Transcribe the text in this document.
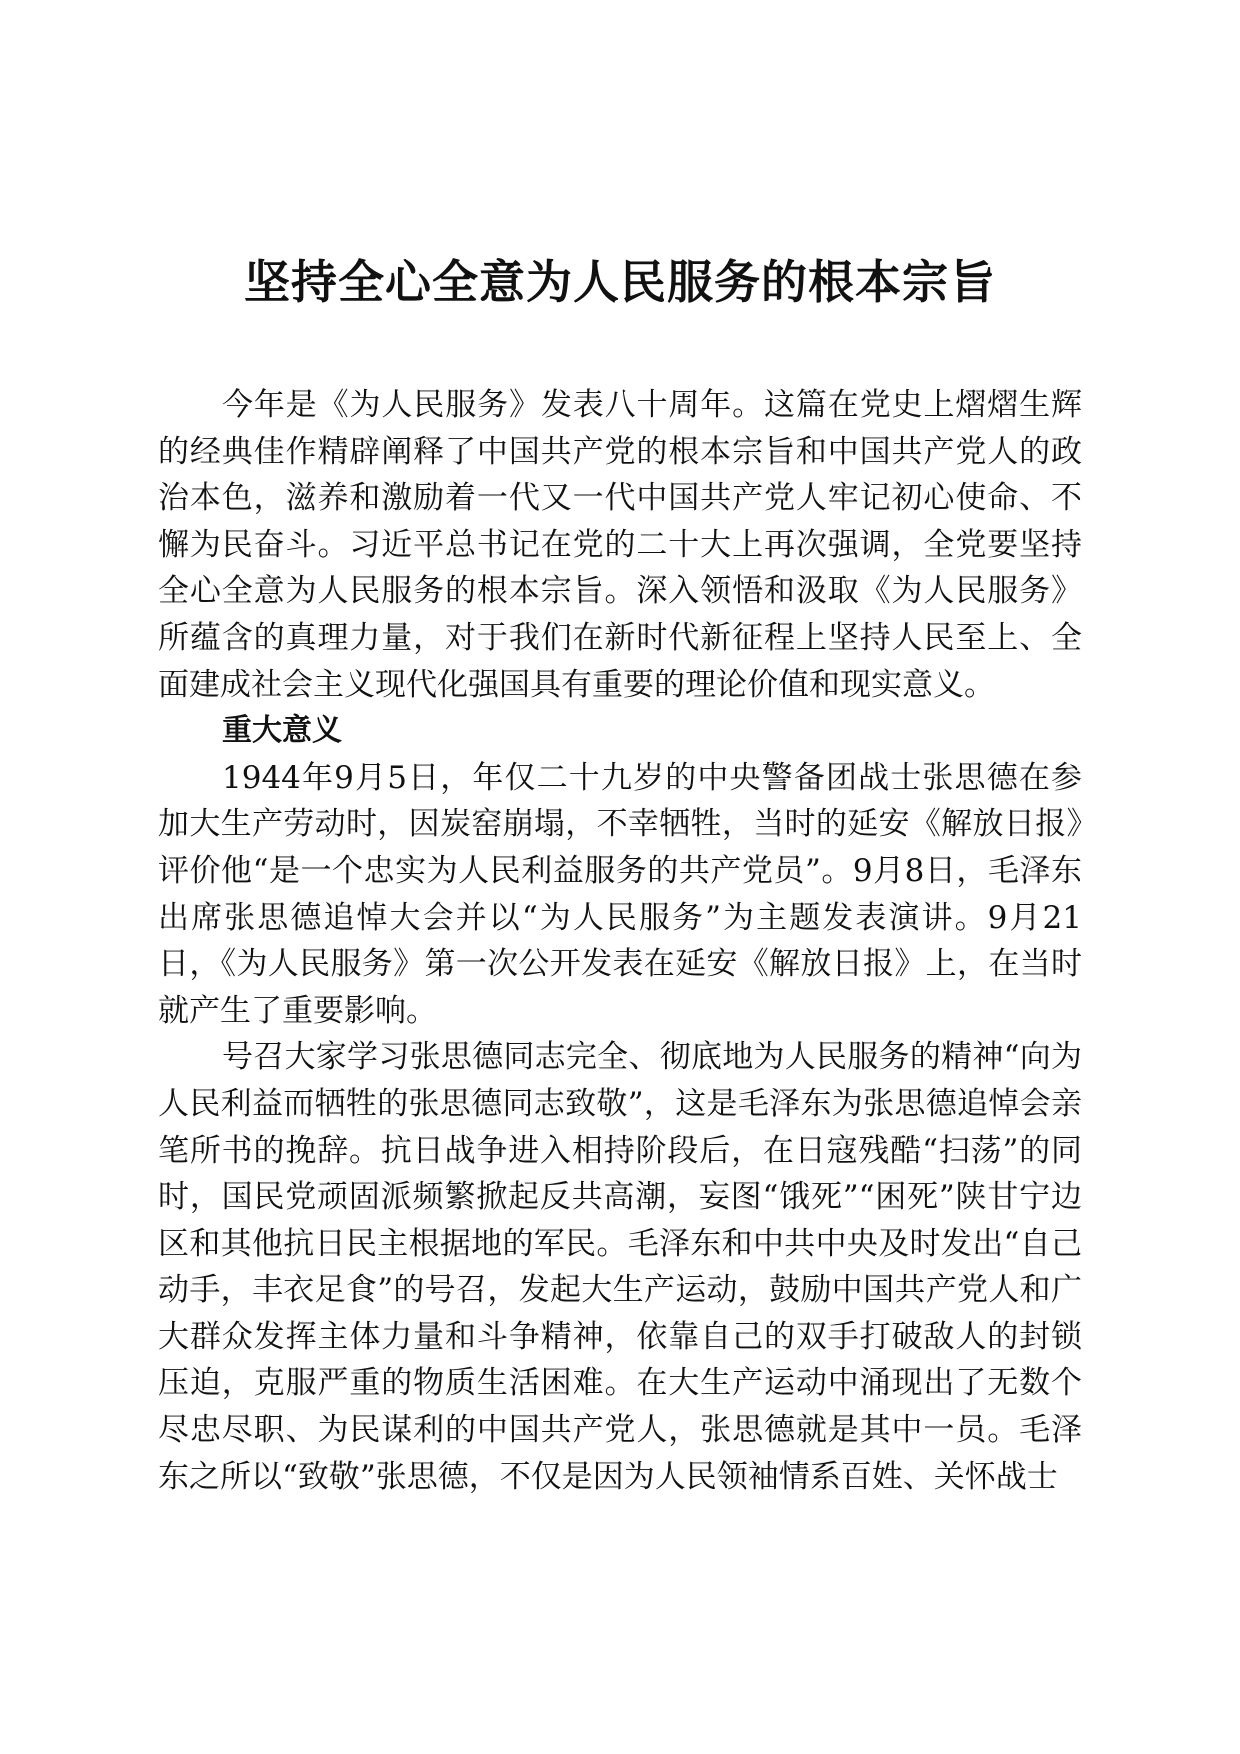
坚持全心全意为人民服务的根本宗旨

今年是《为人民服务》发表八十周年。这篇在党史上熠熠生辉的经典佳作精辟阐释了中国共产党的根本宗旨和中国共产党人的政治本色，滋养和激励着一代又一代中国共产党人牢记初心使命、不懈为民奋斗。习近平总书记在党的二十大上再次强调，全党要坚持全心全意为人民服务的根本宗旨。深入领悟和汲取《为人民服务》所蕴含的真理力量，对于我们在新时代新征程上坚持人民至上、全面建成社会主义现代化强国具有重要的理论价值和现实意义。

重大意义

1944年9月5日，年仅二十九岁的中央警备团战士张思德在参加大生产劳动时，因炭窑崩塌，不幸牺牲，当时的延安《解放日报》评价他“是一个忠实为人民利益服务的共产党员”。9月8日，毛泽东出席张思德追悼大会并以“为人民服务”为主题发表演讲。9月21日，《为人民服务》第一次公开发表在延安《解放日报》上，在当时就产生了重要影响。

号召大家学习张思德同志完全、彻底地为人民服务的精神“向为人民利益而牺牲的张思德同志致敬”，这是毛泽东为张思德追悼会亲笔所书的挽辞。抗日战争进入相持阶段后，在日寇残酷“扫荡”的同时，国民党顽固派频繁掀起反共高潮，妄图“饿死”“困死”陕甘宁边区和其他抗日民主根据地的军民。毛泽东和中共中央及时发出“自己动手，丰衣足食”的号召，发起大生产运动，鼓励中国共产党人和广大群众发挥主体力量和斗争精神，依靠自己的双手打破敌人的封锁压迫，克服严重的物质生活困难。在大生产运动中涌现出了无数个尽忠尽职、为民谋利的中国共产党人，张思德就是其中一员。毛泽东之所以“致敬”张思德，不仅是因为人民领袖情系百姓、关怀战士
